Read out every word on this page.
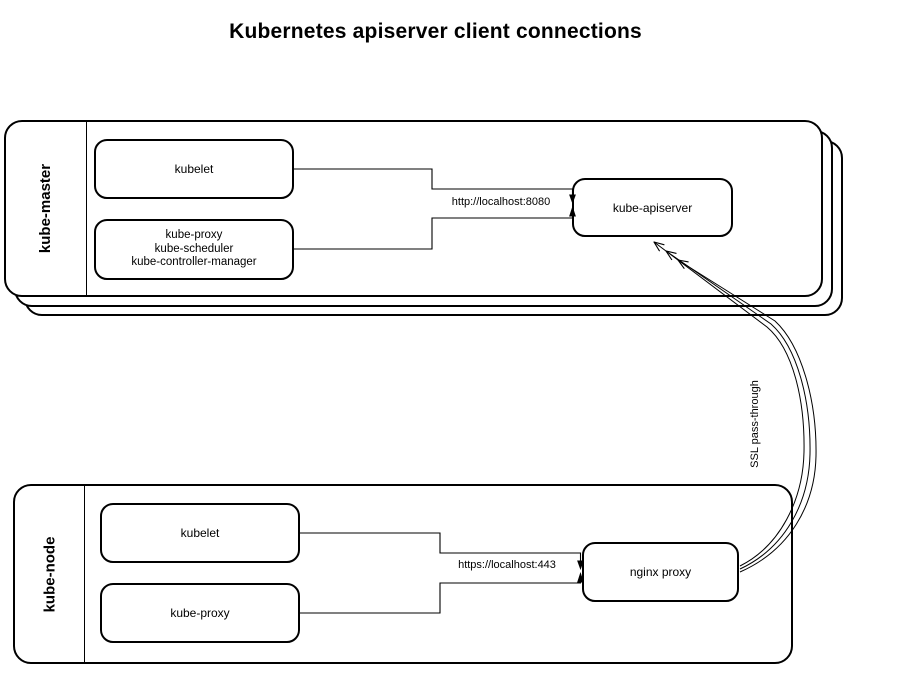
Kubernetes apiserver client connections
kube-master
kube-node
kubelet
kube-proxy
kube-scheduler
kube-controller-manager
kube-apiserver
kubelet
kube-proxy
nginx proxy
http://localhost:8080
https://localhost:443
SSL pass-through
